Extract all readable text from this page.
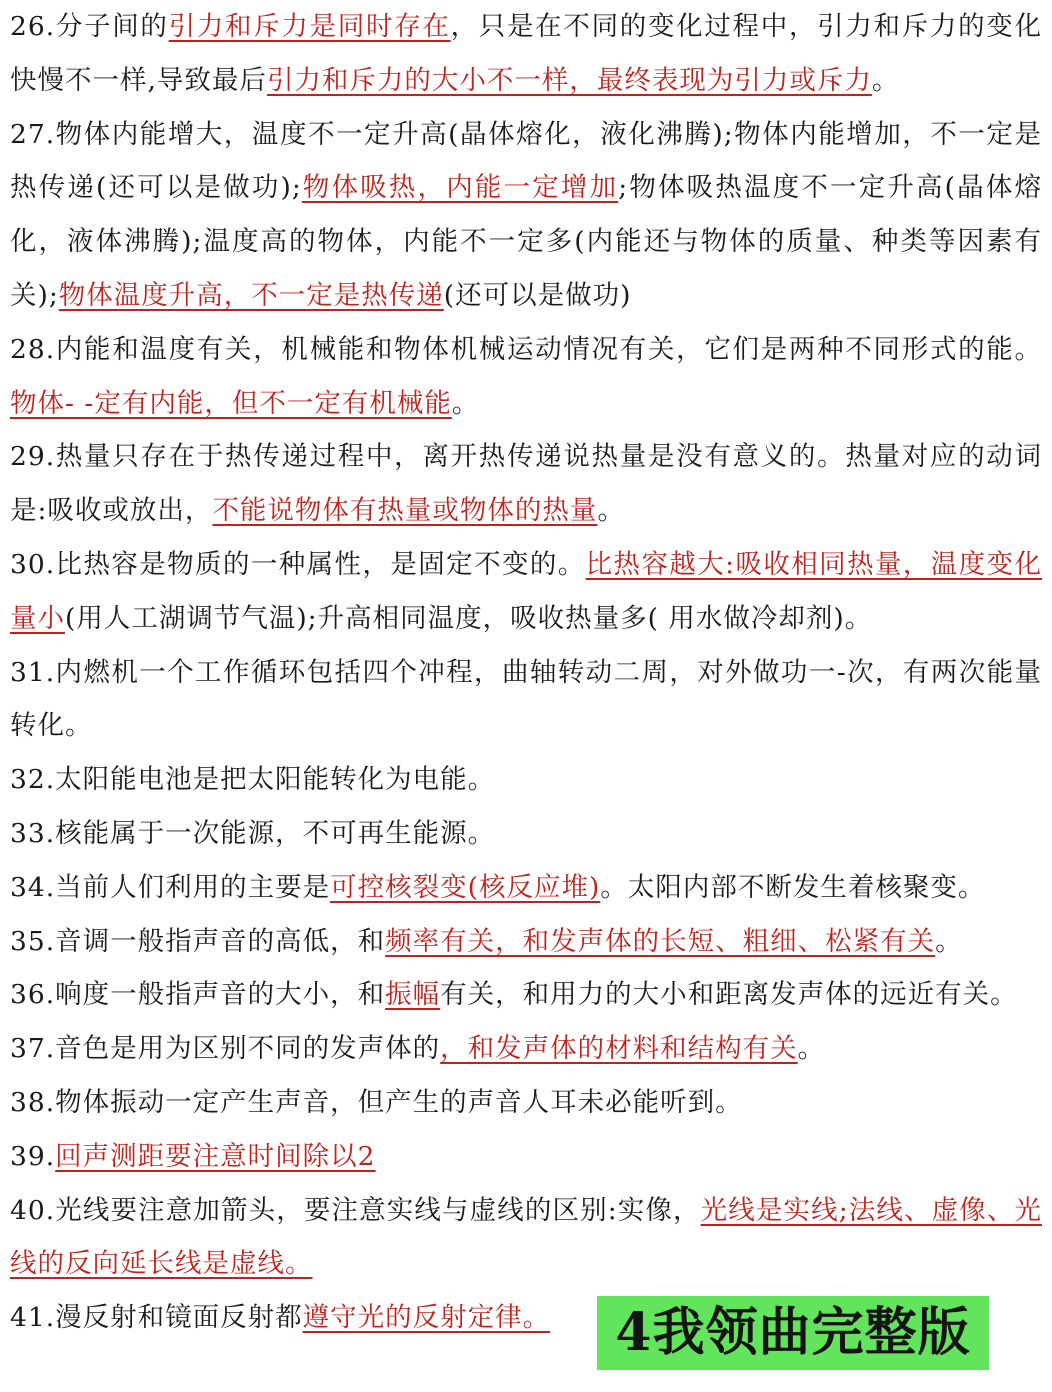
26.分子间的引力和斥力是同时存在，只是在不同的变化过程中，引力和斥力的变化快慢不一样,导致最后引力和斥力的大小不一样，最终表现为引力或斥力。

27.物体内能增大，温度不一定升高(晶体熔化，液化沸腾);物体内能增加，不一定是热传递(还可以是做功);物体吸热，内能一定增加;物体吸热温度不一定升高(晶体熔化，液体沸腾);温度高的物体，内能不一定多(内能还与物体的质量、种类等因素有关);物体温度升高，不一定是热传递(还可以是做功)

28.内能和温度有关，机械能和物体机械运动情况有关，它们是两种不同形式的能。物体- -定有内能，但不一定有机械能。

29.热量只存在于热传递过程中，离开热传递说热量是没有意义的。热量对应的动词是:吸收或放出，不能说物体有热量或物体的热量。

30.比热容是物质的一种属性，是固定不变的。比热容越大:吸收相同热量，温度变化量小(用人工湖调节气温);升高相同温度，吸收热量多( 用水做冷却剂)。

31.内燃机一个工作循环包括四个冲程，曲轴转动二周，对外做功一-次，有两次能量转化。

32.太阳能电池是把太阳能转化为电能。

33.核能属于一次能源，不可再生能源。

34.当前人们利用的主要是可控核裂变(核反应堆)。太阳内部不断发生着核聚变。

35.音调一般指声音的高低，和频率有关，和发声体的长短、粗细、松紧有关。

36.响度一般指声音的大小，和振幅有关，和用力的大小和距离发声体的远近有关。

37.音色是用为区别不同的发声体的，和发声体的材料和结构有关。

38.物体振动一定产生声音，但产生的声音人耳未必能听到。

39.回声测距要注意时间除以2

40.光线要注意加箭头，要注意实线与虚线的区别:实像，光线是实线;法线、虚像、光线的反向延长线是虚线。

41.漫反射和镜面反射都遵守光的反射定律。	4我领曲完整版
